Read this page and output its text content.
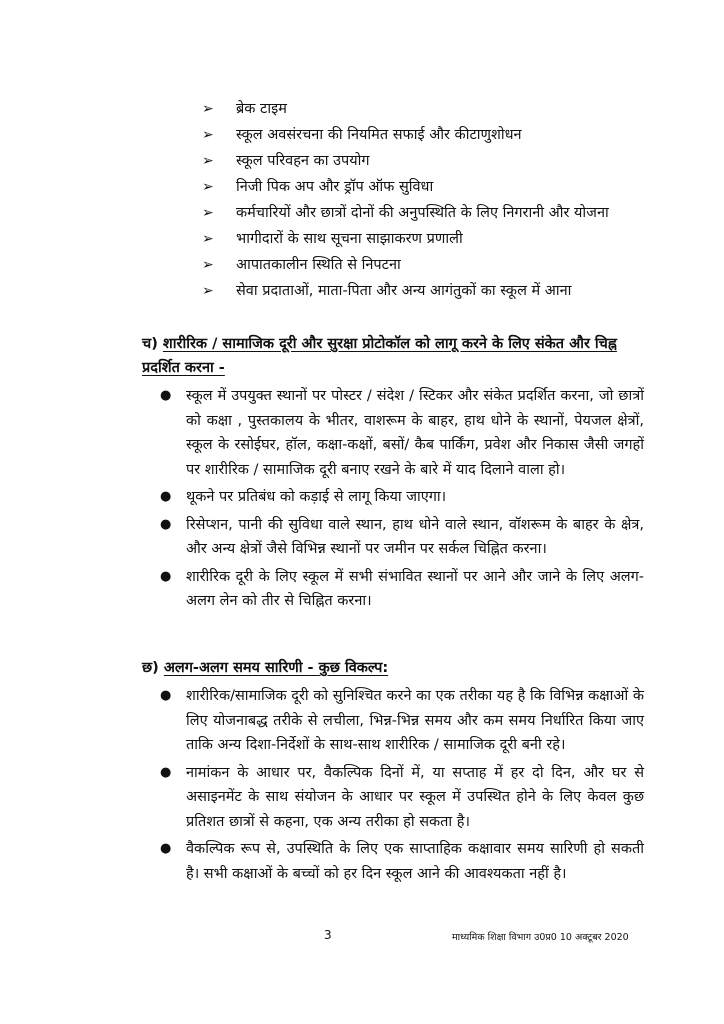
➢ ब्रेक टाइम
➢ स्कूल अवसंरचना की नियमित सफाई और कीटाणुशोधन
➢ स्कूल परिवहन का उपयोग
➢ निजी पिक अप और ड्रॉप ऑफ सुविधा
➢ कर्मचारियों और छात्रों दोनों की अनुपस्थिति के लिए निगरानी और योजना
➢ भागीदारों के साथ सूचना साझाकरण प्रणाली
➢ आपातकालीन स्थिति से निपटना
➢ सेवा प्रदाताओं, माता-पिता और अन्य आगंतुकों का स्कूल में आना
च) शारीरिक / सामाजिक दूरी और सुरक्षा प्रोटोकॉल को लागू करने के लिए संकेत और चिह्न प्रदर्शित करना -
● स्कूल में उपयुक्त स्थानों पर पोस्टर / संदेश / स्टिकर और संकेत प्रदर्शित करना, जो छात्रों को कक्षा , पुस्तकालय के भीतर, वाशरूम के बाहर, हाथ धोने के स्थानों, पेयजल क्षेत्रों, स्कूल के रसोईघर, हॉल, कक्षा-कक्षों, बसों/ कैब पार्किंग, प्रवेश और निकास जैसी जगहों पर शारीरिक / सामाजिक दूरी बनाए रखने के बारे में याद दिलाने वाला हो।
● थूकने पर प्रतिबंध को कड़ाई से लागू किया जाएगा।
● रिसेप्शन, पानी की सुविधा वाले स्थान, हाथ धोने वाले स्थान, वॉशरूम के बाहर के क्षेत्र, और अन्य क्षेत्रों जैसे विभिन्न स्थानों पर जमीन पर सर्कल चिह्नित करना।
● शारीरिक दूरी के लिए स्कूल में सभी संभावित स्थानों पर आने और जाने के लिए अलग-अलग लेन को तीर से चिह्नित करना।
छ) अलग-अलग समय सारिणी - कुछ विकल्प:
● शारीरिक/सामाजिक दूरी को सुनिश्चित करने का एक तरीका यह है कि विभिन्न कक्षाओं के लिए योजनाबद्ध तरीके से लचीला, भिन्न-भिन्न समय और कम समय निर्धारित किया जाए ताकि अन्य दिशा-निर्देशों के साथ-साथ शारीरिक / सामाजिक दूरी बनी रहे।
● नामांकन के आधार पर, वैकल्पिक दिनों में, या सप्ताह में हर दो दिन, और घर से असाइनमेंट के साथ संयोजन के आधार पर स्कूल में उपस्थित होने के लिए केवल कुछ प्रतिशत छात्रों से कहना, एक अन्य तरीका हो सकता है।
● वैकल्पिक रूप से, उपस्थिति के लिए एक साप्ताहिक कक्षावार समय सारिणी हो सकती है। सभी कक्षाओं के बच्चों को हर दिन स्कूल आने की आवश्यकता नहीं है।
3	माध्यमिक शिक्षा विभाग उ0प्र0 10 अक्टूबर 2020
